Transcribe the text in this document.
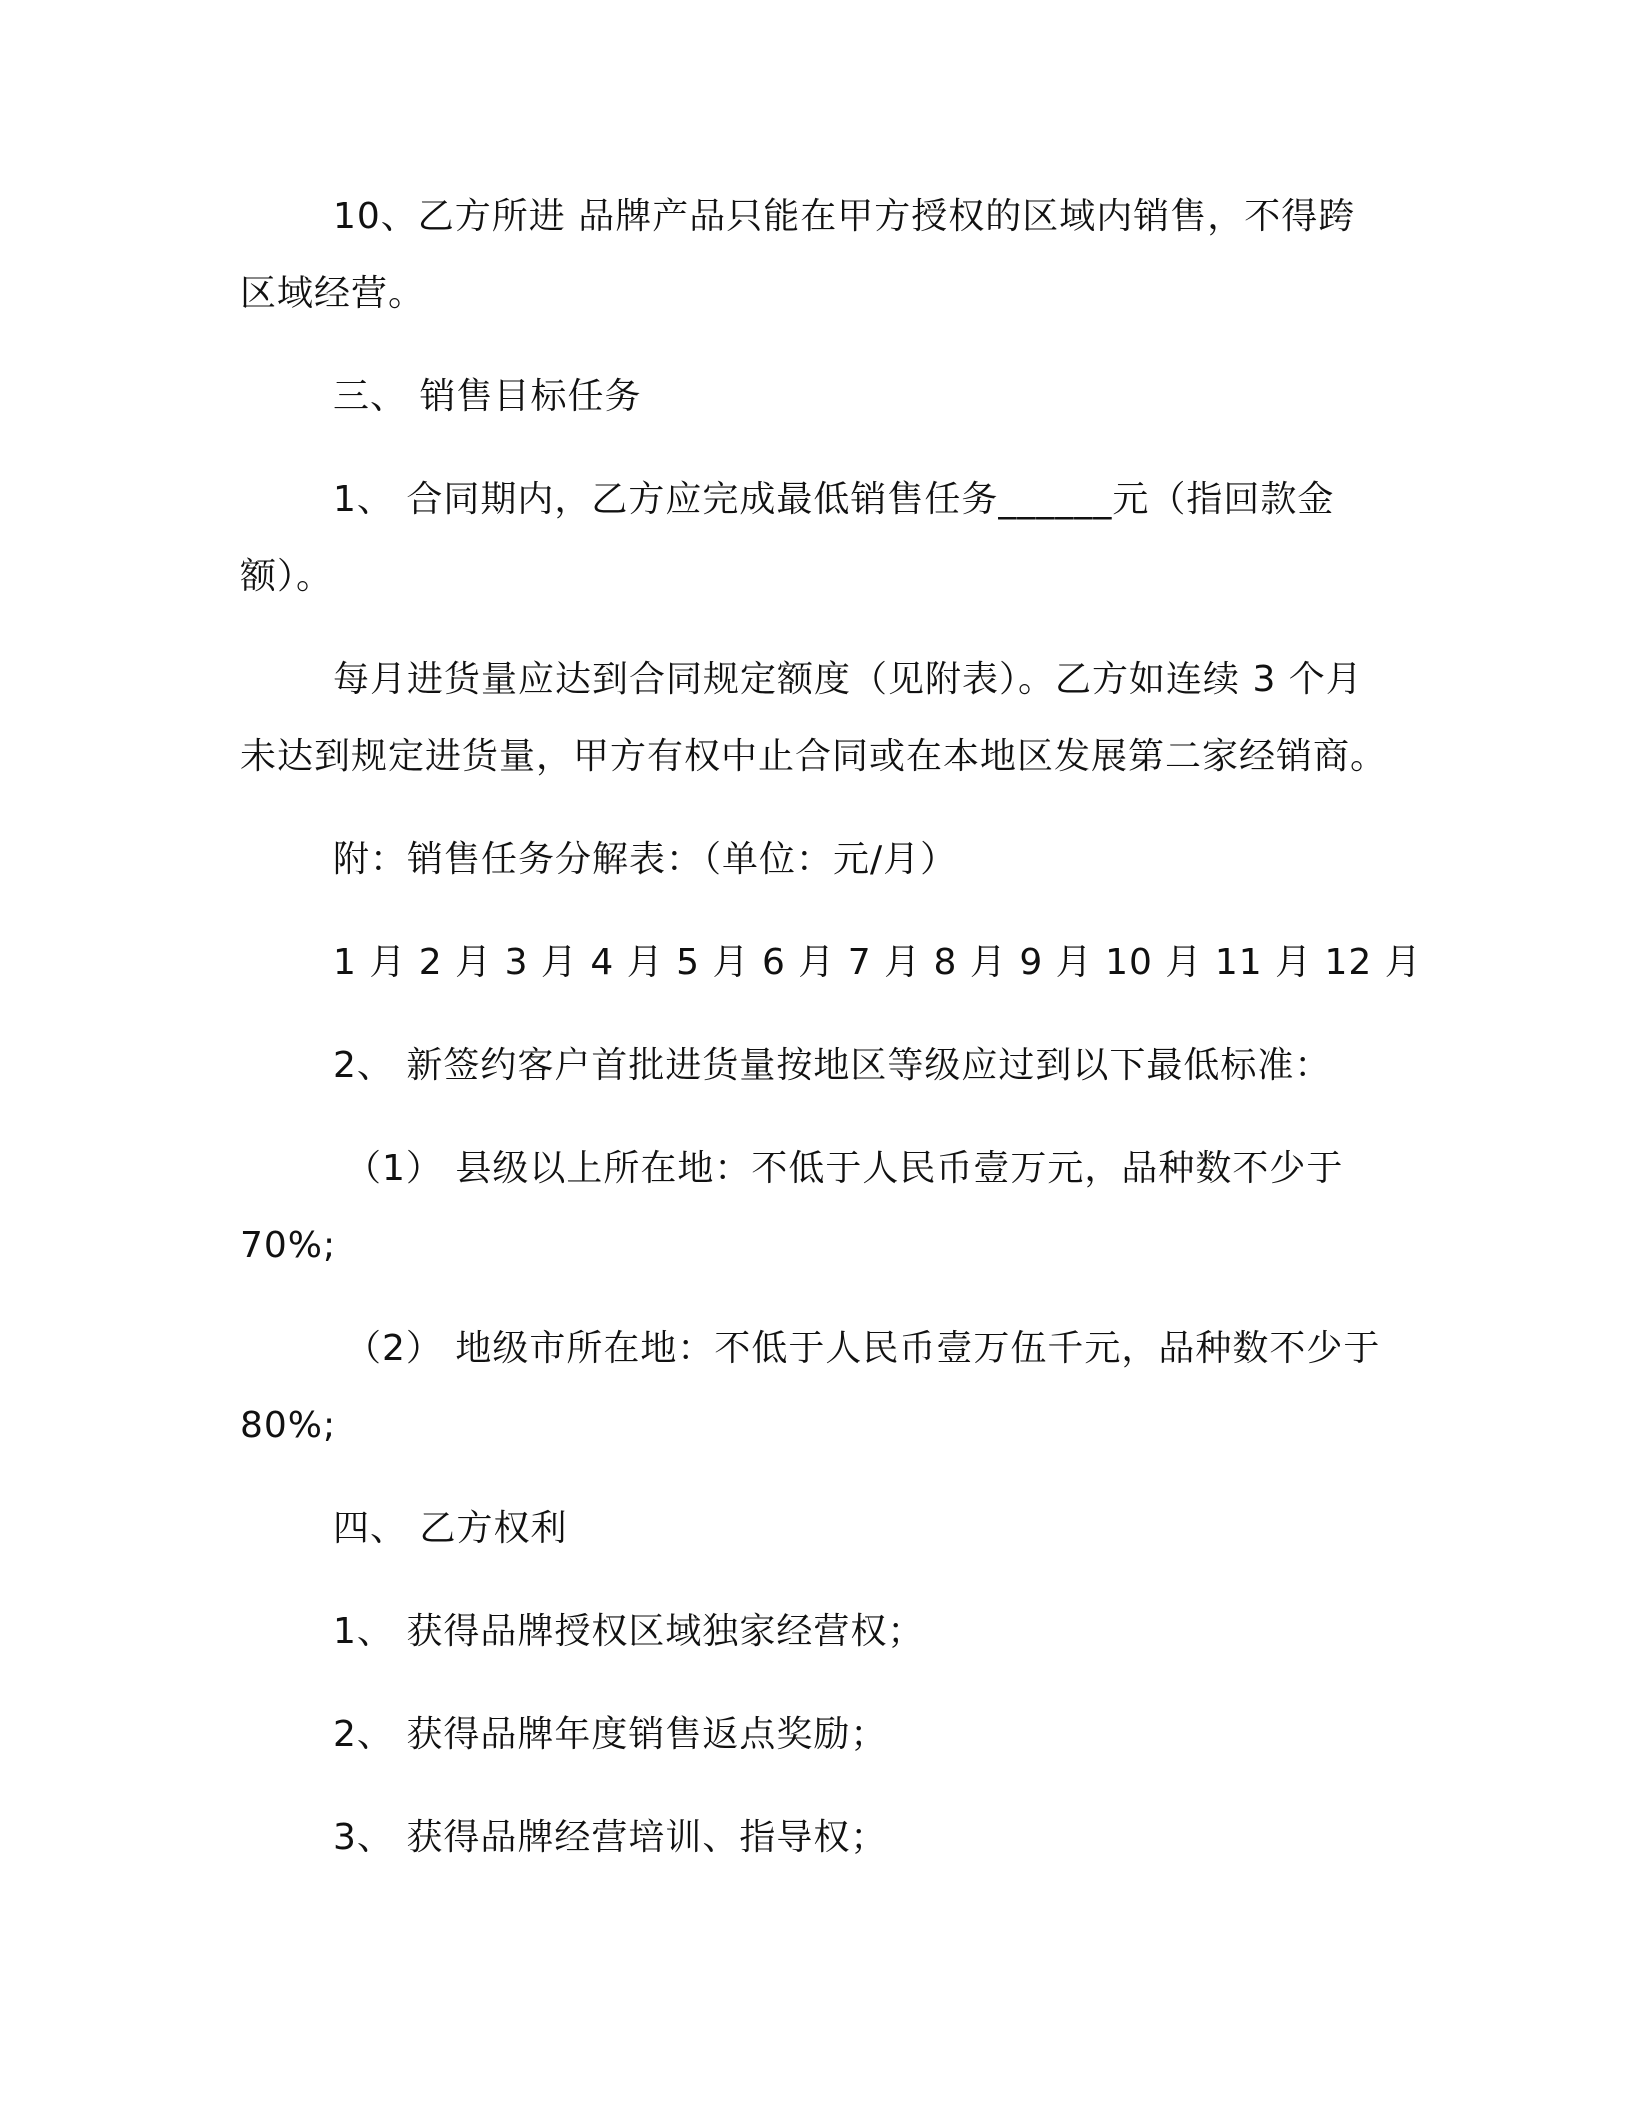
10、乙方所进 品牌产品只能在甲方授权的区域内销售，不得跨
区域经营。
三、 销售目标任务
1、 合同期内，乙方应完成最低销售任务______元（指回款金
额）。
每月进货量应达到合同规定额度（见附表）。乙方如连续 3 个月
未达到规定进货量，甲方有权中止合同或在本地区发展第二家经销商。
附：销售任务分解表：（单位：元/月）
1 月 2 月 3 月 4 月 5 月 6 月 7 月 8 月 9 月 10 月 11 月 12 月
2、 新签约客户首批进货量按地区等级应过到以下最低标准：
（1） 县级以上所在地：不低于人民币壹万元，品种数不少于
70%;
（2） 地级市所在地：不低于人民币壹万伍千元，品种数不少于
80%;
四、 乙方权利
1、 获得品牌授权区域独家经营权；
2、 获得品牌年度销售返点奖励；
3、 获得品牌经营培训、指导权；
